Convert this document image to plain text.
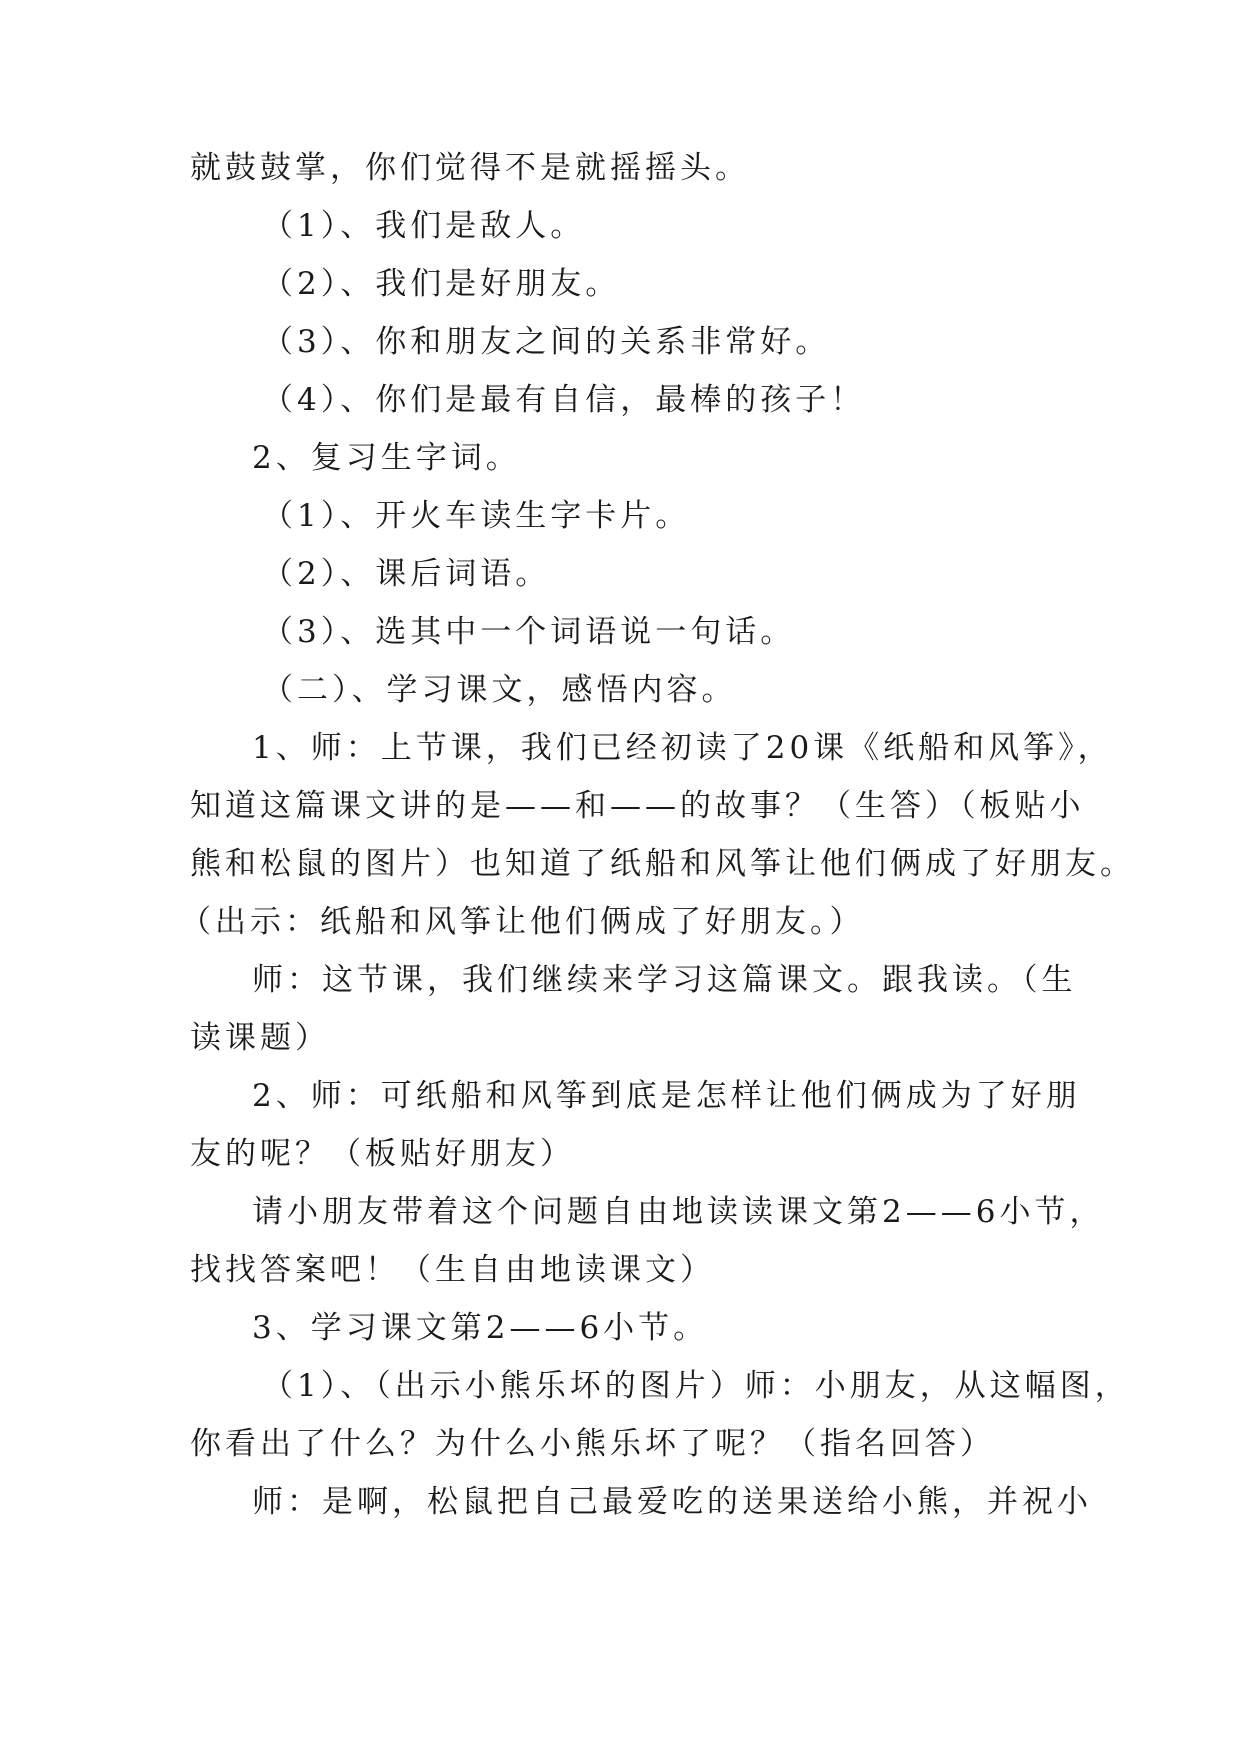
就鼓鼓掌，你们觉得不是就摇摇头。
（1）、我们是敌人。
（2）、我们是好朋友。
（3）、你和朋友之间的关系非常好。
（4）、你们是最有自信，最棒的孩子！
2、复习生字词。
（1）、开火车读生字卡片。
（2）、课后词语。
（3）、选其中一个词语说一句话。
（二）、学习课文，感悟内容。
1、师：上节课，我们已经初读了20课《纸船和风筝》，
知道这篇课文讲的是——和——的故事？（生答）（板贴小
熊和松鼠的图片）也知道了纸船和风筝让他们俩成了好朋友。
（出示：纸船和风筝让他们俩成了好朋友。）
师：这节课，我们继续来学习这篇课文。跟我读。（生
读课题）
2、师：可纸船和风筝到底是怎样让他们俩成为了好朋
友的呢？（板贴好朋友）
请小朋友带着这个问题自由地读读课文第2——6小节，
找找答案吧！（生自由地读课文）
3、学习课文第2——6小节。
（1）、（出示小熊乐坏的图片）师：小朋友，从这幅图，
你看出了什么？为什么小熊乐坏了呢？（指名回答）
师：是啊，松鼠把自己最爱吃的送果送给小熊，并祝小
